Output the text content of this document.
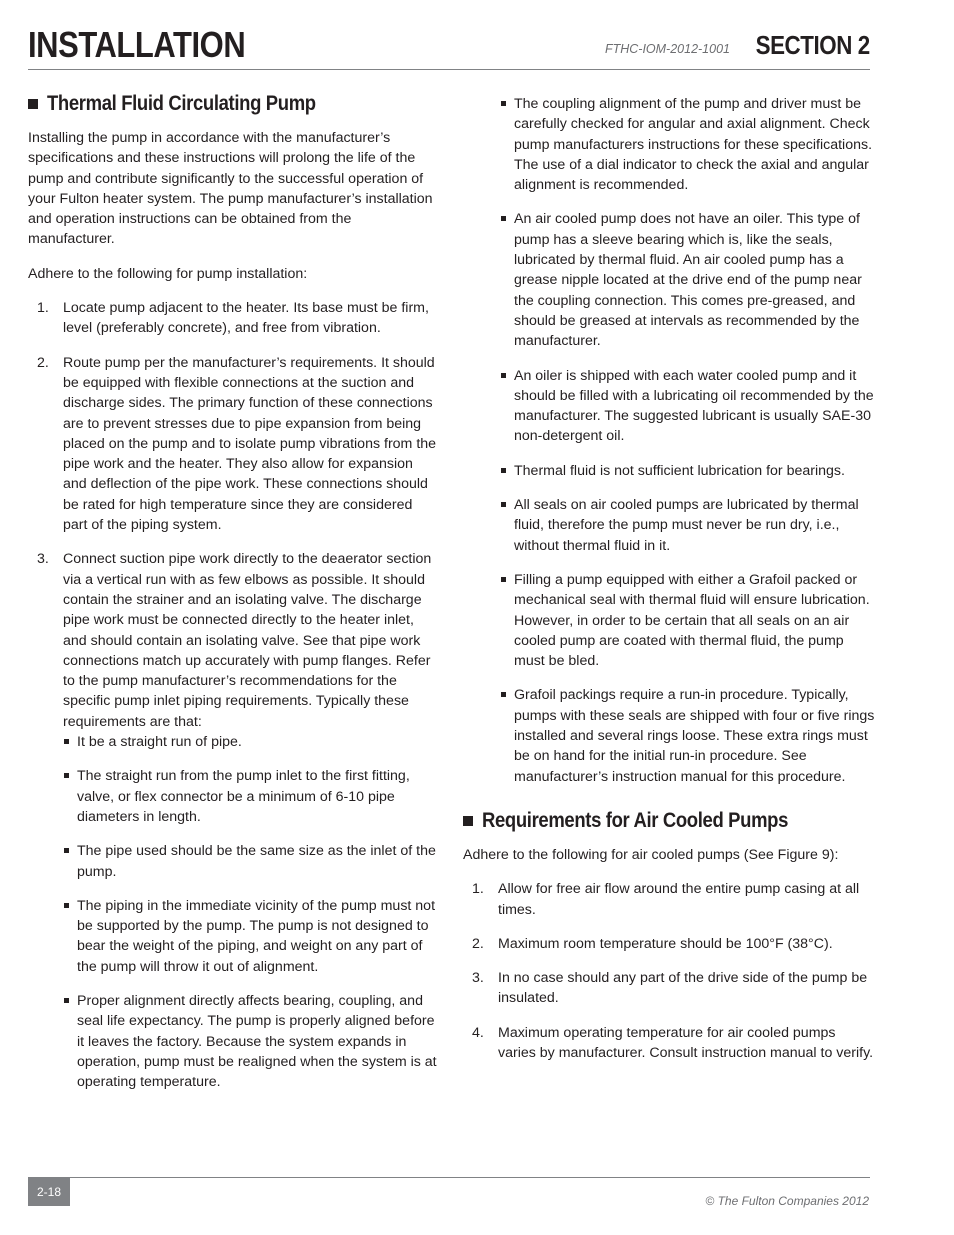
INSTALLATION	FTHC-IOM-2012-1001 SECTION 2
Thermal Fluid Circulating Pump

Installing the pump in accordance with the manufacturer’s specifications and these instructions will prolong the life of the pump and contribute significantly to the successful operation of your Fulton heater system. The pump manufacturer’s installation and operation instructions can be obtained from the manufacturer.

Adhere to the following for pump installation:

1. Locate pump adjacent to the heater. Its base must be firm, level (preferably concrete), and free from vibration.
2. Route pump per the manufacturer’s requirements. It should be equipped with flexible connections at the suction and discharge sides. The primary function of these connections are to prevent stresses due to pipe expansion from being placed on the pump and to isolate pump vibrations from the pipe work and the heater. They also allow for expansion and deflection of the pipe work. These connections should be rated for high temperature since they are considered part of the piping system.
3. Connect suction pipe work directly to the deaerator section via a vertical run with as few elbows as possible. It should contain the strainer and an isolating valve. The discharge pipe work must be connected directly to the heater inlet, and should contain an isolating valve. See that pipe work connections match up accurately with pump flanges. Refer to the pump manufacturer’s recommendations for the specific pump inlet piping requirements. Typically these requirements are that:
It be a straight run of pipe.
The straight run from the pump inlet to the first fitting, valve, or flex connector be a minimum of 6-10 pipe diameters in length.
The pipe used should be the same size as the inlet of the pump.
The piping in the immediate vicinity of the pump must not be supported by the pump. The pump is not designed to bear the weight of the piping, and weight on any part of the pump will throw it out of alignment.
Proper alignment directly affects bearing, coupling, and seal life expectancy. The pump is properly aligned before it leaves the factory. Because the system expands in operation, pump must be realigned when the system is at operating temperature.
The coupling alignment of the pump and driver must be carefully checked for angular and axial alignment. Check pump manufacturers instructions for these specifications. The use of a dial indicator to check the axial and angular alignment is recommended.
An air cooled pump does not have an oiler. This type of pump has a sleeve bearing which is, like the seals, lubricated by thermal fluid. An air cooled pump has a grease nipple located at the drive end of the pump near the coupling connection. This comes pre-greased, and should be greased at intervals as recommended by the manufacturer.
An oiler is shipped with each water cooled pump and it should be filled with a lubricating oil recommended by the manufacturer. The suggested lubricant is usually SAE-30 non-detergent oil.
Thermal fluid is not sufficient lubrication for bearings.
All seals on air cooled pumps are lubricated by thermal fluid, therefore the pump must never be run dry, i.e., without thermal fluid in it.
Filling a pump equipped with either a Grafoil packed or mechanical seal with thermal fluid will ensure lubrication. However, in order to be certain that all seals on an air cooled pump are coated with thermal fluid, the pump must be bled.
Grafoil packings require a run-in procedure. Typically, pumps with these seals are shipped with four or five rings installed and several rings loose. These extra rings must be on hand for the initial run-in procedure. See manufacturer’s instruction manual for this procedure.
Requirements for Air Cooled Pumps

Adhere to the following for air cooled pumps (See Figure 9):

1. Allow for free air flow around the entire pump casing at all times.
2. Maximum room temperature should be 100°F (38°C).
3. In no case should any part of the drive side of the pump be insulated.
4. Maximum operating temperature for air cooled pumps varies by manufacturer. Consult instruction manual to verify.
2-18
© The Fulton Companies 2012
